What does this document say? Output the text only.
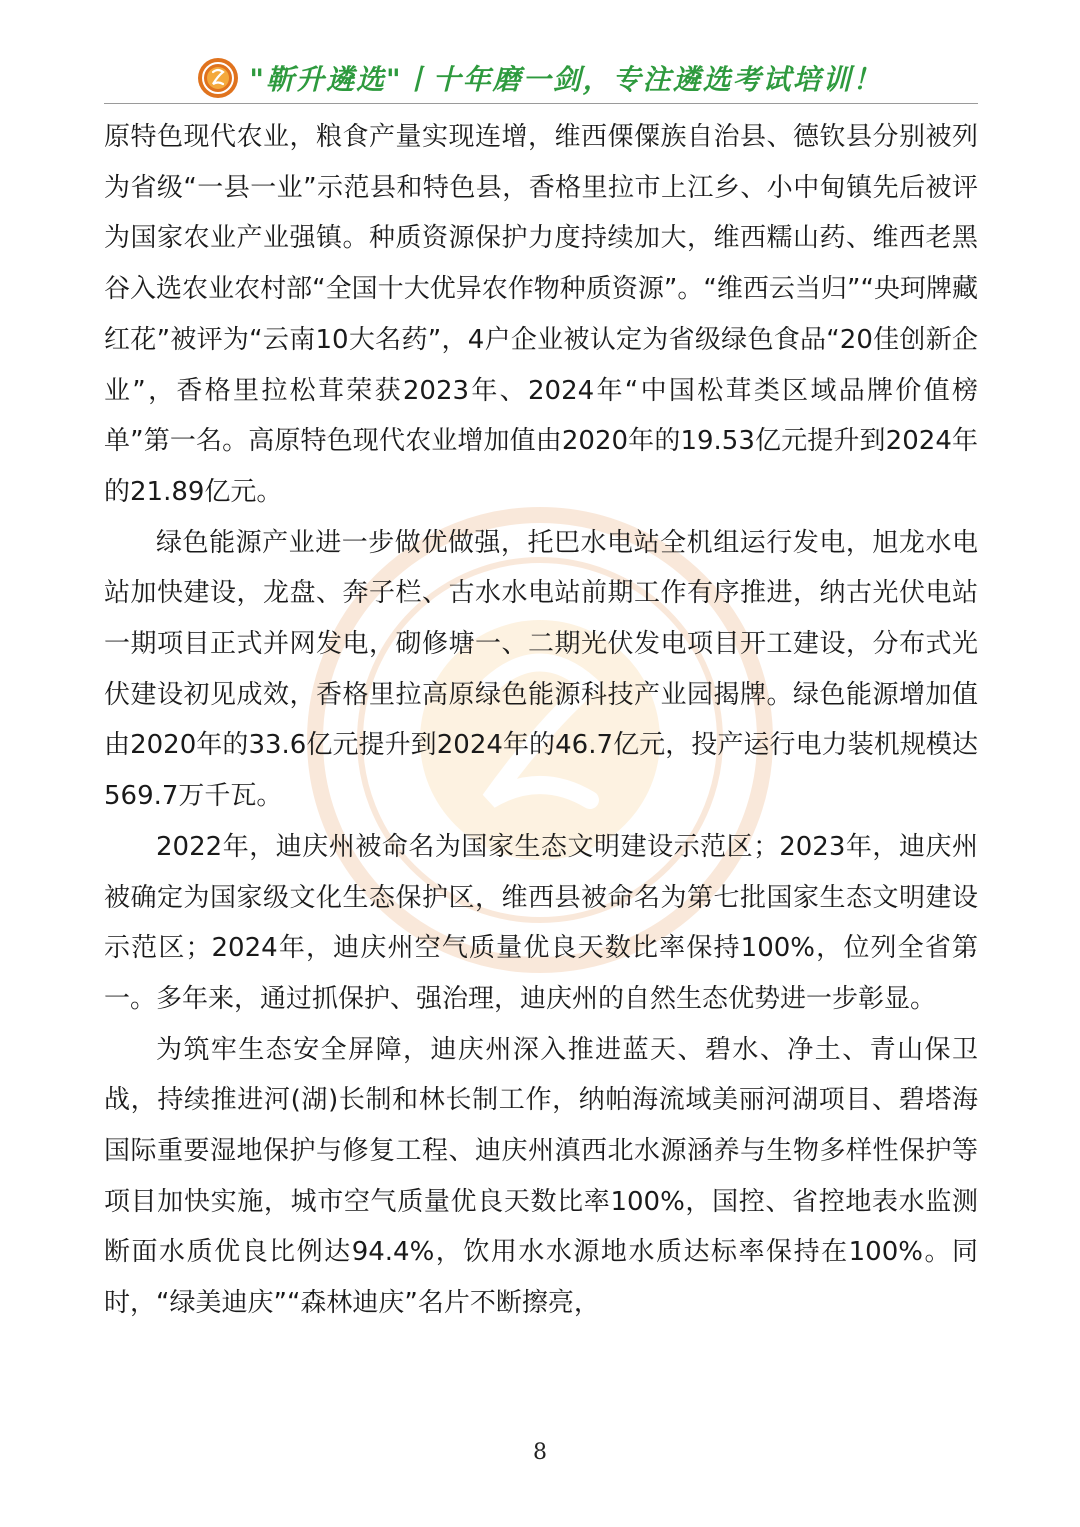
"靳升遴选"丨十年磨一剑，专注遴选考试培训！

原特色现代农业，粮食产量实现连增，维西傈僳族自治县、德钦县分别被列为省级“一县一业”示范县和特色县，香格里拉市上江乡、小中甸镇先后被评为国家农业产业强镇。种质资源保护力度持续加大，维西糯山药、维西老黑谷入选农业农村部“全国十大优异农作物种质资源”。“维西云当归”“央珂牌藏红花”被评为“云南10大名药”，4户企业被认定为省级绿色食品“20佳创新企业”，香格里拉松茸荣获2023年、2024年“中国松茸类区域品牌价值榜单”第一名。高原特色现代农业增加值由2020年的19.53亿元提升到2024年的21.89亿元。

绿色能源产业进一步做优做强，托巴水电站全机组运行发电，旭龙水电站加快建设，龙盘、奔子栏、古水水电站前期工作有序推进，纳古光伏电站一期项目正式并网发电，砌修塘一、二期光伏发电项目开工建设，分布式光伏建设初见成效，香格里拉高原绿色能源科技产业园揭牌。绿色能源增加值由2020年的33.6亿元提升到2024年的46.7亿元，投产运行电力装机规模达569.7万千瓦。

2022年，迪庆州被命名为国家生态文明建设示范区；2023年，迪庆州被确定为国家级文化生态保护区，维西县被命名为第七批国家生态文明建设示范区；2024年，迪庆州空气质量优良天数比率保持100%，位列全省第一。多年来，通过抓保护、强治理，迪庆州的自然生态优势进一步彰显。

为筑牢生态安全屏障，迪庆州深入推进蓝天、碧水、净土、青山保卫战，持续推进河(湖)长制和林长制工作，纳帕海流域美丽河湖项目、碧塔海国际重要湿地保护与修复工程、迪庆州滇西北水源涵养与生物多样性保护等项目加快实施，城市空气质量优良天数比率100%，国控、省控地表水监测断面水质优良比例达94.4%，饮用水水源地水质达标率保持在100%。同时，“绿美迪庆”“森林迪庆”名片不断擦亮，

8
